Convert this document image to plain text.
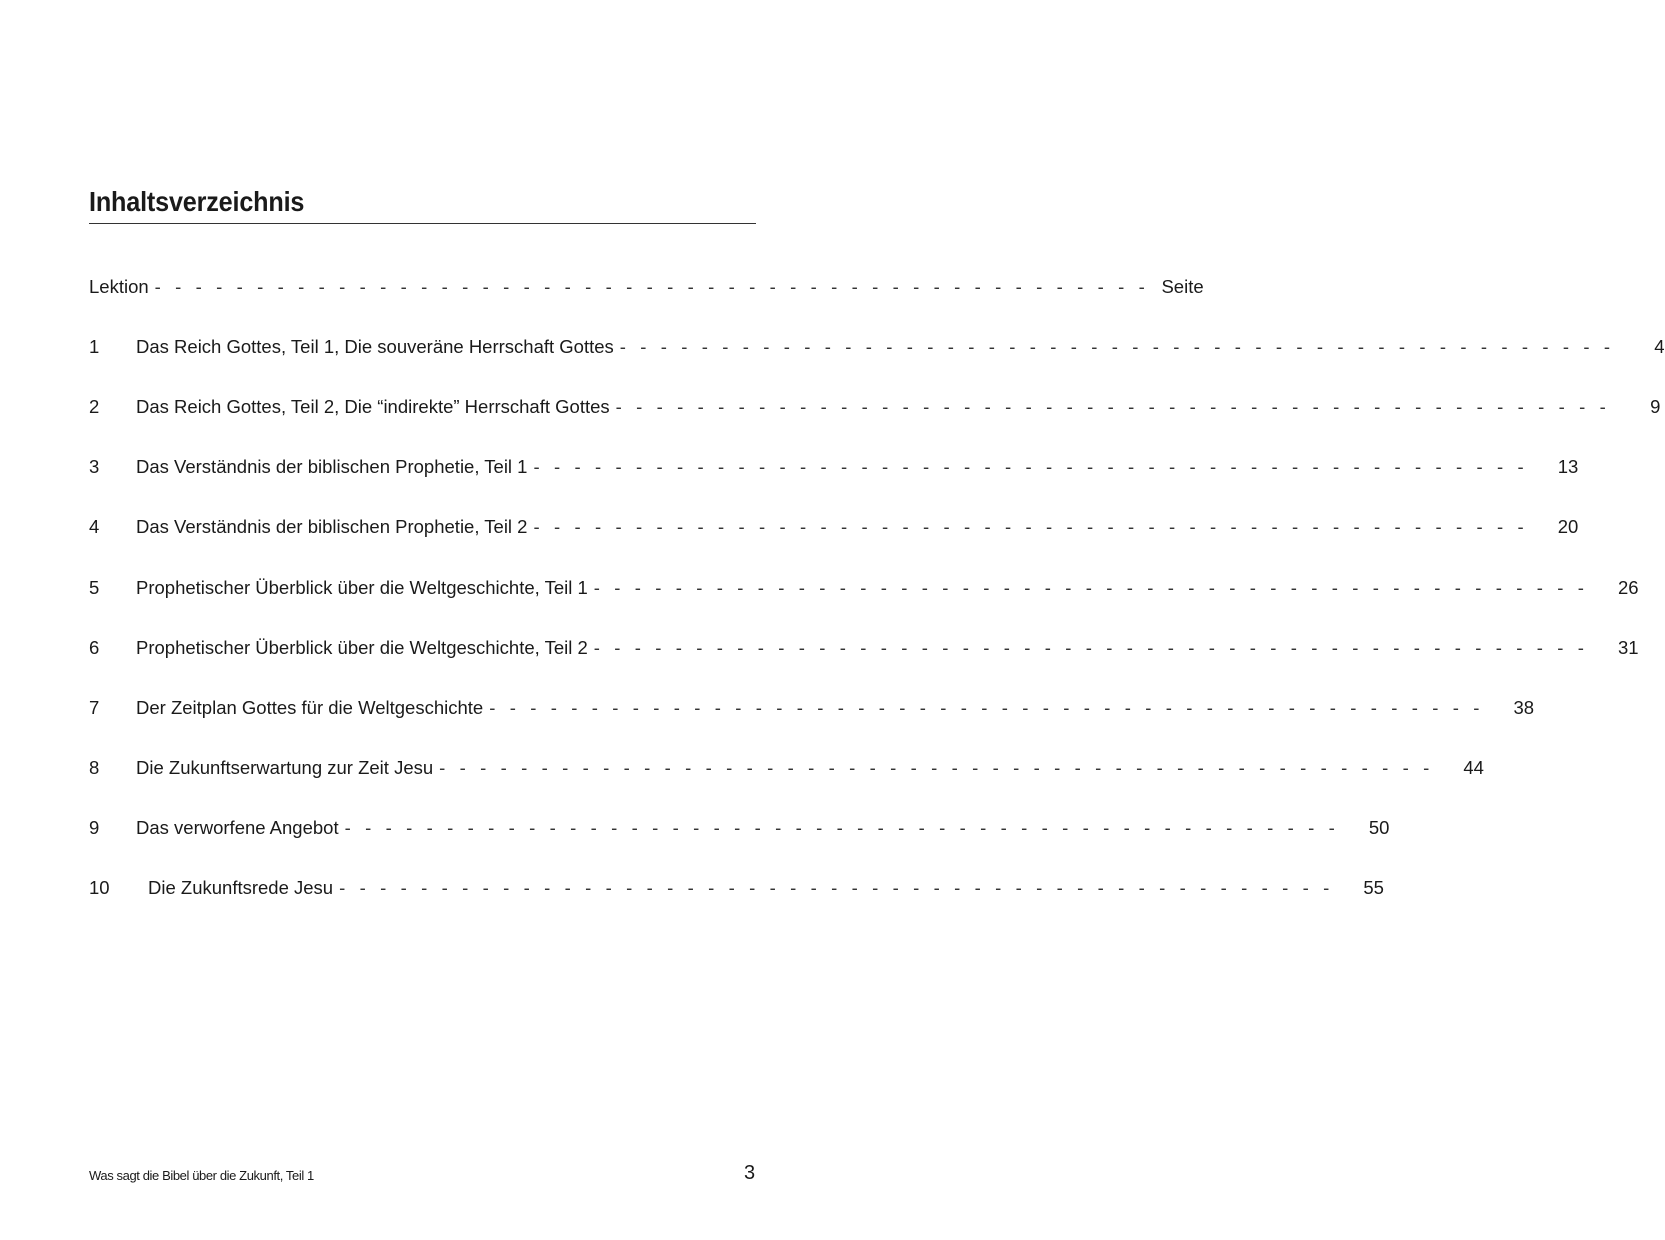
Inhaltsverzeichnis
Lektion - - - - - - - - - - - - - - - - - - - - - - - - - - - - - - - - - - - - - - - - - - - - - - - - - Seite
1	Das Reich Gottes, Teil 1, Die souveräne Herrschaft Gottes - - - - - - - - - - - - - - - - - - - - - - - - - - - - - - - - - - - - - - - - - - - - - - - - -	4
2	Das Reich Gottes, Teil 2, Die “indirekte” Herrschaft Gottes - - - - - - - - - - - - - - - - - - - - - - - - - - - - - - - - - - - - - - - - - - - - - - - - -	9
3	Das Verständnis der biblischen Prophetie, Teil 1 - - - - - - - - - - - - - - - - - - - - - - - - - - - - - - - - - - - - - - - - - - - - - - - - -	13
4	Das Verständnis der biblischen Prophetie, Teil 2 - - - - - - - - - - - - - - - - - - - - - - - - - - - - - - - - - - - - - - - - - - - - - - - - -	20
5	Prophetischer Überblick über die Weltgeschichte, Teil 1 - - - - - - - - - - - - - - - - - - - - - - - - - - - - - - - - - - - - - - - - - - - - - - - - -	26
6	Prophetischer Überblick über die Weltgeschichte, Teil 2 - - - - - - - - - - - - - - - - - - - - - - - - - - - - - - - - - - - - - - - - - - - - - - - - -	31
7	Der Zeitplan Gottes für die Weltgeschichte - - - - - - - - - - - - - - - - - - - - - - - - - - - - - - - - - - - - - - - - - - - - - - - - -	38
8	Die Zukunftserwartung zur Zeit Jesu - - - - - - - - - - - - - - - - - - - - - - - - - - - - - - - - - - - - - - - - - - - - - - - - -	44
9	Das verworfene Angebot - - - - - - - - - - - - - - - - - - - - - - - - - - - - - - - - - - - - - - - - - - - - - - - - -	50
10	Die Zukunftsrede Jesu - - - - - - - - - - - - - - - - - - - - - - - - - - - - - - - - - - - - - - - - - - - - - - - - -	55
Was sagt die Bibel über die Zukunft, Teil 1	3
